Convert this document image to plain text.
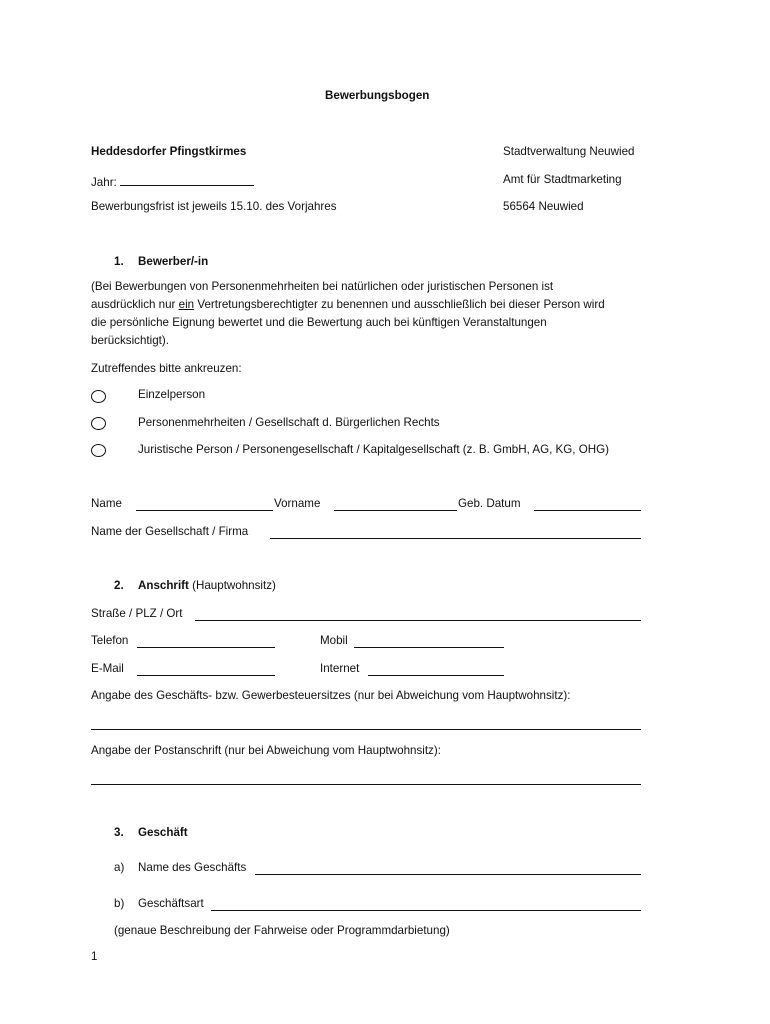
Bewerbungsbogen
Heddesdorfer Pfingstkirmes
Jahr:
Bewerbungsfrist ist jeweils 15.10. des Vorjahres
Stadtverwaltung Neuwied
Amt für Stadtmarketing
56564 Neuwied
1. Bewerber/-in
(Bei Bewerbungen von Personenmehrheiten bei natürlichen oder juristischen Personen ist
ausdrücklich nur ein Vertretungsberechtigter zu benennen und ausschließlich bei dieser Person wird
die persönliche Eignung bewertet und die Bewertung auch bei künftigen Veranstaltungen
berücksichtigt).
Zutreffendes bitte ankreuzen:
Einzelperson
Personenmehrheiten / Gesellschaft d. Bürgerlichen Rechts
Juristische Person / Personengesellschaft / Kapitalgesellschaft (z. B. GmbH, AG, KG, OHG)
Name	Vorname	Geb. Datum
Name der Gesellschaft / Firma
2. Anschrift (Hauptwohnsitz)
Straße / PLZ / Ort
Telefon	Mobil
E-Mail	Internet
Angabe des Geschäfts- bzw. Gewerbesteuersitzes (nur bei Abweichung vom Hauptwohnsitz):
Angabe der Postanschrift (nur bei Abweichung vom Hauptwohnsitz):
3. Geschäft
a) Name des Geschäfts
b) Geschäftsart
(genaue Beschreibung der Fahrweise oder Programmdarbietung)
1
